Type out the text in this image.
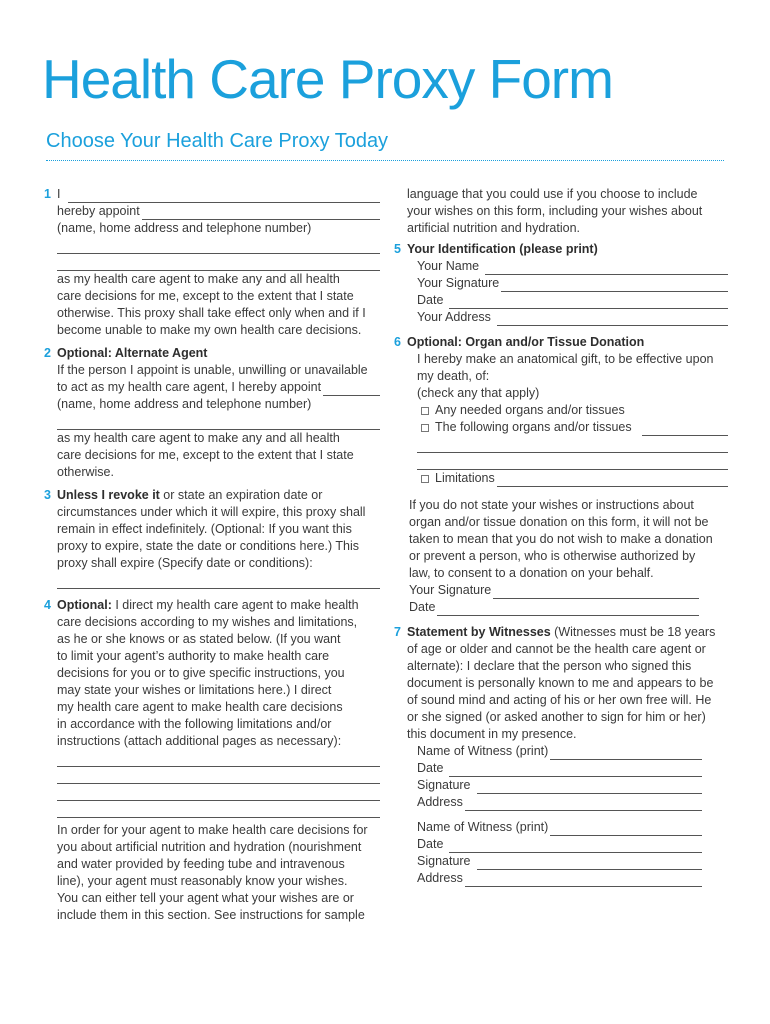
Health Care Proxy Form
Choose Your Health Care Proxy Today
1 I
hereby appoint
(name, home address and telephone number)
as my health care agent to make any and all health
care decisions for me, except to the extent that I state
otherwise. This proxy shall take effect only when and if I
become unable to make my own health care decisions.
2 Optional: Alternate Agent
If the person I appoint is unable, unwilling or unavailable
to act as my health care agent, I hereby appoint
(name, home address and telephone number)
as my health care agent to make any and all health
care decisions for me, except to the extent that I state
otherwise.
3 Unless I revoke it or state an expiration date or
circumstances under which it will expire, this proxy shall
remain in effect indefinitely. (Optional: If you want this
proxy to expire, state the date or conditions here.) This
proxy shall expire (Specify date or conditions):
4 Optional: I direct my health care agent to make health
care decisions according to my wishes and limitations,
as he or she knows or as stated below. (If you want
to limit your agent’s authority to make health care
decisions for you or to give specific instructions, you
may state your wishes or limitations here.) I direct
my health care agent to make health care decisions
in accordance with the following limitations and/or
instructions (attach additional pages as necessary):
In order for your agent to make health care decisions for
you about artificial nutrition and hydration (nourishment
and water provided by feeding tube and intravenous
line), your agent must reasonably know your wishes.
You can either tell your agent what your wishes are or
include them in this section. See instructions for sample
language that you could use if you choose to include
your wishes on this form, including your wishes about
artificial nutrition and hydration.
5 Your Identification (please print)
Your Name
Your Signature
Date
Your Address
6 Optional: Organ and/or Tissue Donation
I hereby make an anatomical gift, to be effective upon
my death, of:
(check any that apply)
Any needed organs and/or tissues
The following organs and/or tissues
Limitations
If you do not state your wishes or instructions about
organ and/or tissue donation on this form, it will not be
taken to mean that you do not wish to make a donation
or prevent a person, who is otherwise authorized by
law, to consent to a donation on your behalf.
Your Signature
Date
7 Statement by Witnesses (Witnesses must be 18 years
of age or older and cannot be the health care agent or
alternate): I declare that the person who signed this
document is personally known to me and appears to be
of sound mind and acting of his or her own free will. He
or she signed (or asked another to sign for him or her)
this document in my presence.
Name of Witness (print)
Date
Signature
Address
Name of Witness (print)
Date
Signature
Address
